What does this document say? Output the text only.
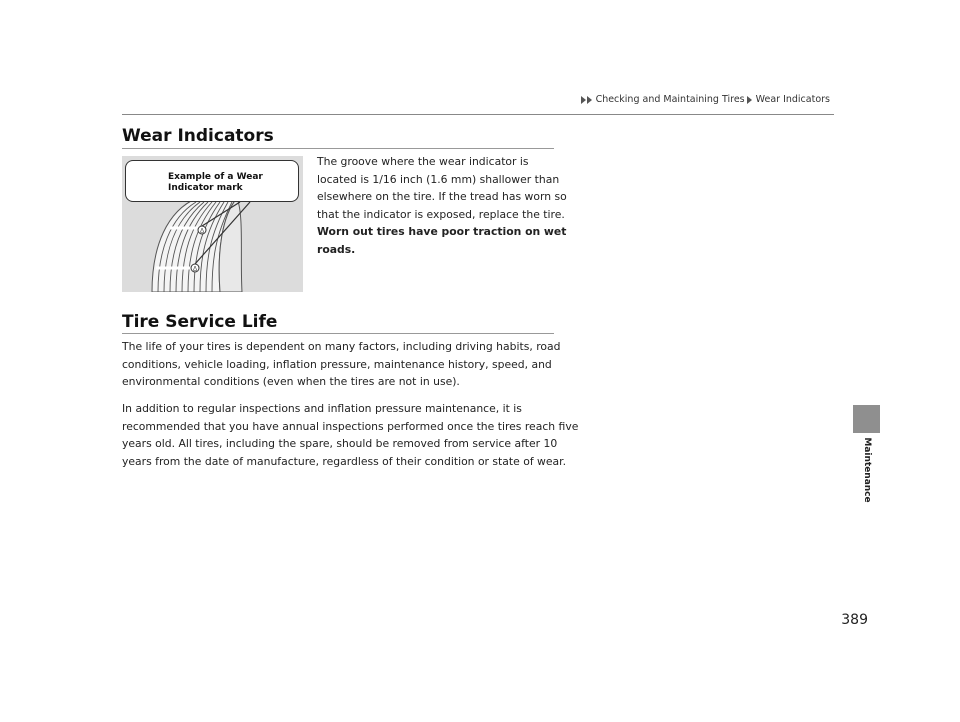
Checking and Maintaining Tires Wear Indicators
Wear Indicators
Δ
Δ
Example of a Wear Indicator mark
The groove where the wear indicator is
located is 1/16 inch (1.6 mm) shallower than
elsewhere on the tire. If the tread has worn so
that the indicator is exposed, replace the tire.
Worn out tires have poor traction on wet
roads.
Tire Service Life
The life of your tires is dependent on many factors, including driving habits, road
conditions, vehicle loading, inflation pressure, maintenance history, speed, and
environmental conditions (even when the tires are not in use).
In addition to regular inspections and inflation pressure maintenance, it is
recommended that you have annual inspections performed once the tires reach five
years old. All tires, including the spare, should be removed from service after 10
years from the date of manufacture, regardless of their condition or state of wear.	Maintenance
389
